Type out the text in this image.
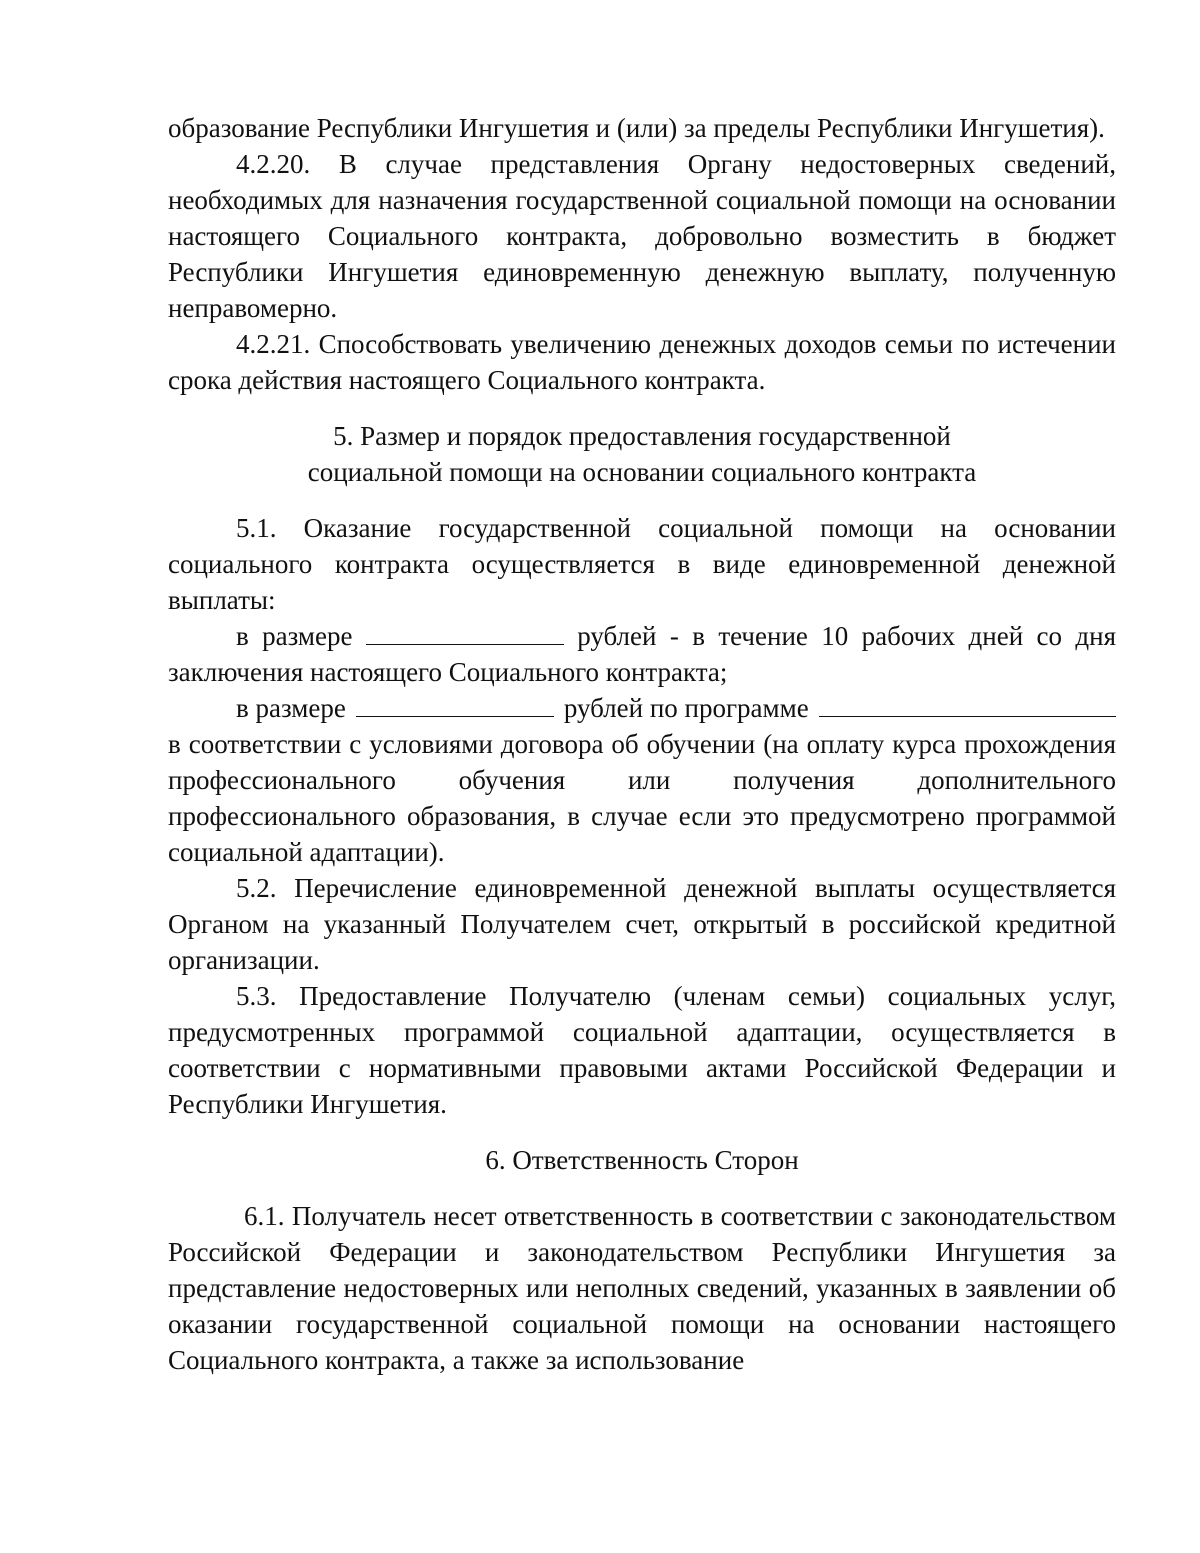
образование Республики Ингушетия и (или) за пределы Республики Ингушетия).

4.2.20. В случае представления Органу недостоверных сведений, необходимых для назначения государственной социальной помощи на основании настоящего Социального контракта, добровольно возместить в бюджет Республики Ингушетия единовременную денежную выплату, полученную неправомерно.

4.2.21. Способствовать увеличению денежных доходов семьи по истечении срока действия настоящего Социального контракта.

5. Размер и порядок предоставления государственной

социальной помощи на основании социального контракта

5.1. Оказание государственной социальной помощи на основании социального контракта осуществляется в виде единовременной денежной выплаты:

в размере	рублей - в течение 10 рабочих дней со дня заключения настоящего Социального контракта;

в размере	рублей по программе

в соответствии с условиями договора об обучении (на оплату курса прохождения профессионального обучения или получения дополнительного профессионального образования, в случае если это предусмотрено программой социальной адаптации).

5.2. Перечисление единовременной денежной выплаты осуществляется Органом на указанный Получателем счет, открытый в российской кредитной организации.

5.3. Предоставление Получателю (членам семьи) социальных услуг, предусмотренных программой социальной адаптации, осуществляется в соответствии с нормативными правовыми актами Российской Федерации и Республики Ингушетия.

6. Ответственность Сторон

6.1. Получатель несет ответственность в соответствии с законодательством Российской Федерации и законодательством Республики Ингушетия за представление недостоверных или неполных сведений, указанных в заявлении об оказании государственной социальной помощи на основании настоящего Социального контракта, а также за использование
